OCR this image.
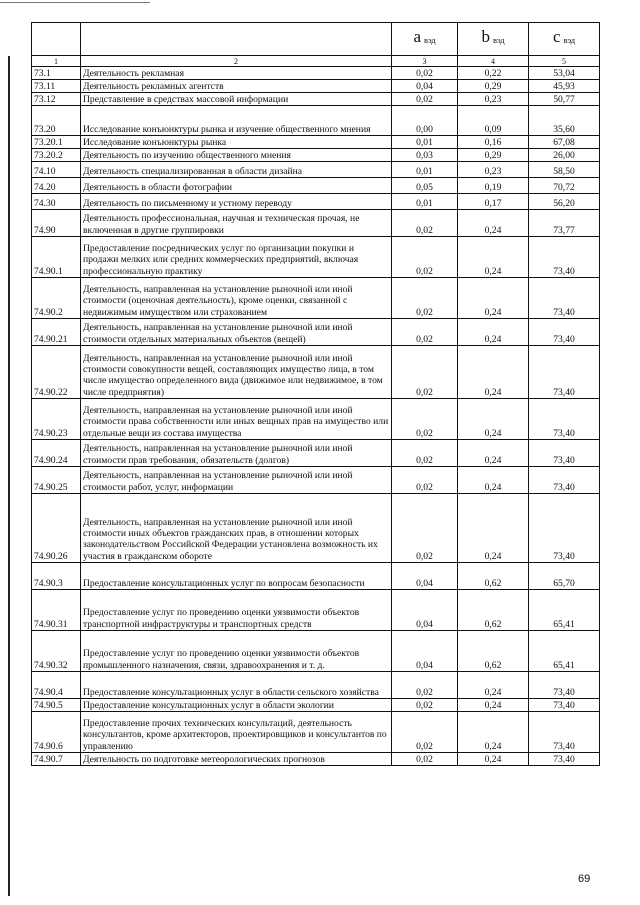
		a $_{вэд}$	b $_{вэд}$	c $_{вэд}$
1	2	3	4	5
73.1	Деятельность рекламная	0,02	0,22	53,04
73.11	Деятельность рекламных агентств	0,04	0,29	45,93
73.12	Представление в средствах массовой информации	0,02	0,23	50,77
73.20	Исследование конъюнктуры рынка и изучение общественного мнения	0,00	0,09	35,60
73.20.1	Исследование конъюнктуры рынка	0,01	0,16	67,08
73.20.2	Деятельность по изучению общественного мнения	0,03	0,29	26,00
74.10	Деятельность специализированная в области дизайна	0,01	0,23	58,50
74.20	Деятельность в области фотографии	0,05	0,19	70,72
74.30	Деятельность по письменному и устному переводу	0,01	0,17	56,20
74.90	Деятельность профессиональная, научная и техническая прочая, не включенная в другие группировки	0,02	0,24	73,77
74.90.1	Предоставление посреднических услуг по организации покупки и продажи мелких или средних коммерческих предприятий, включая профессиональную практику	0,02	0,24	73,40
74.90.2	Деятельность, направленная на установление рыночной или иной стоимости (оценочная деятельность), кроме оценки, связанной с недвижимым имуществом или страхованием	0,02	0,24	73,40
74.90.21	Деятельность, направленная на установление рыночной или иной стоимости отдельных материальных объектов (вещей)	0,02	0,24	73,40
74.90.22	Деятельность, направленная на установление рыночной или иной стоимости совокупности вещей, составляющих имущество лица, в том числе имущество определенного вида (движимое или недвижимое, в том числе предприятия)	0,02	0,24	73,40
74.90.23	Деятельность, направленная на установление рыночной или иной стоимости права собственности или иных вещных прав на имущество или отдельные вещи из состава имущества	0,02	0,24	73,40
74.90.24	Деятельность, направленная на установление рыночной или иной стоимости прав требования, обязательств (долгов)	0,02	0,24	73,40
74.90.25	Деятельность, направленная на установление рыночной или иной стоимости работ, услуг, информации	0,02	0,24	73,40
74.90.26	Деятельность, направленная на установление рыночной или иной стоимости иных объектов гражданских прав, в отношении которых законодательством Российской Федерации установлена возможность их участия в гражданском обороте	0,02	0,24	73,40
74.90.3	Предоставление консультационных услуг по вопросам безопасности	0,04	0,62	65,70
74.90.31	Предоставление услуг по проведению оценки уязвимости объектов транспортной инфраструктуры и транспортных средств	0,04	0,62	65,41
74.90.32	Предоставление услуг по проведению оценки уязвимости объектов промышленного назначения, связи, здравоохранения и т. д.	0,04	0,62	65,41
74.90.4	Предоставление консультационных услуг в области сельского хозяйства	0,02	0,24	73,40
74.90.5	Предоставление консультационных услуг в области экологии	0,02	0,24	73,40
74.90.6	Предоставление прочих технических консультаций, деятельность консультантов, кроме архитекторов, проектировщиков и консультантов по управлению	0,02	0,24	73,40
74.90.7	Деятельность по подготовке метеорологических прогнозов	0,02	0,24	73,40
69
